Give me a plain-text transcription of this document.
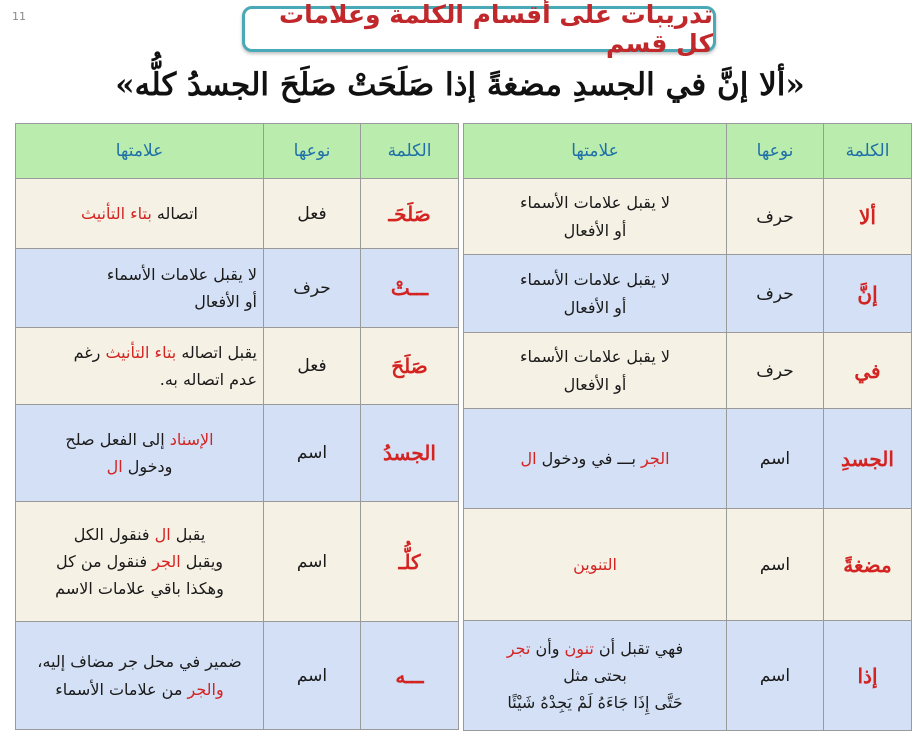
11	تدريبات على أقسام الكلمة وعلامات كل قسم
«ألا إنَّ في الجسدِ مضغةً إذا صَلَحَتْ صَلَحَ الجسدُ كلُّه»
الكلمة	نوعها	علامتها
ألا	حرف	لا يقبل علامات الأسماء
أو الأفعال

إنَّ	حرف	لا يقبل علامات الأسماء
أو الأفعال

في	حرف	لا يقبل علامات الأسماء
أو الأفعال

الجسدِ	اسم	الجر بـــ في ودخول ال

مضغةً	اسم	التنوين

إذا	اسم	فهي تقبل أن تنون وأن تجر
بحتى مثل
حَتَّى إِذَا جَاءَهُ لَمْ يَجِدْهُ شَيْئًا
الكلمة	نوعها	علامتها
صَلَحَـ	فعل	اتصاله بتاء التأنيث

ـــتْ	حرف	لا يقبل علامات الأسماء
أو الأفعال

صَلَحَ	فعل	يقبل اتصاله بتاء التأنيث رغم
عدم اتصاله به.

الجسدُ	اسم	الإسناد إلى الفعل صلح
ودخول ال

كلُّـ	اسم	يقبل ال فنقول الكل
ويقبل الجر فنقول من كل
وهكذا باقي علامات الاسم

ـــه	اسم	ضمير في محل جر مضاف إليه،
والجر من علامات الأسماء
